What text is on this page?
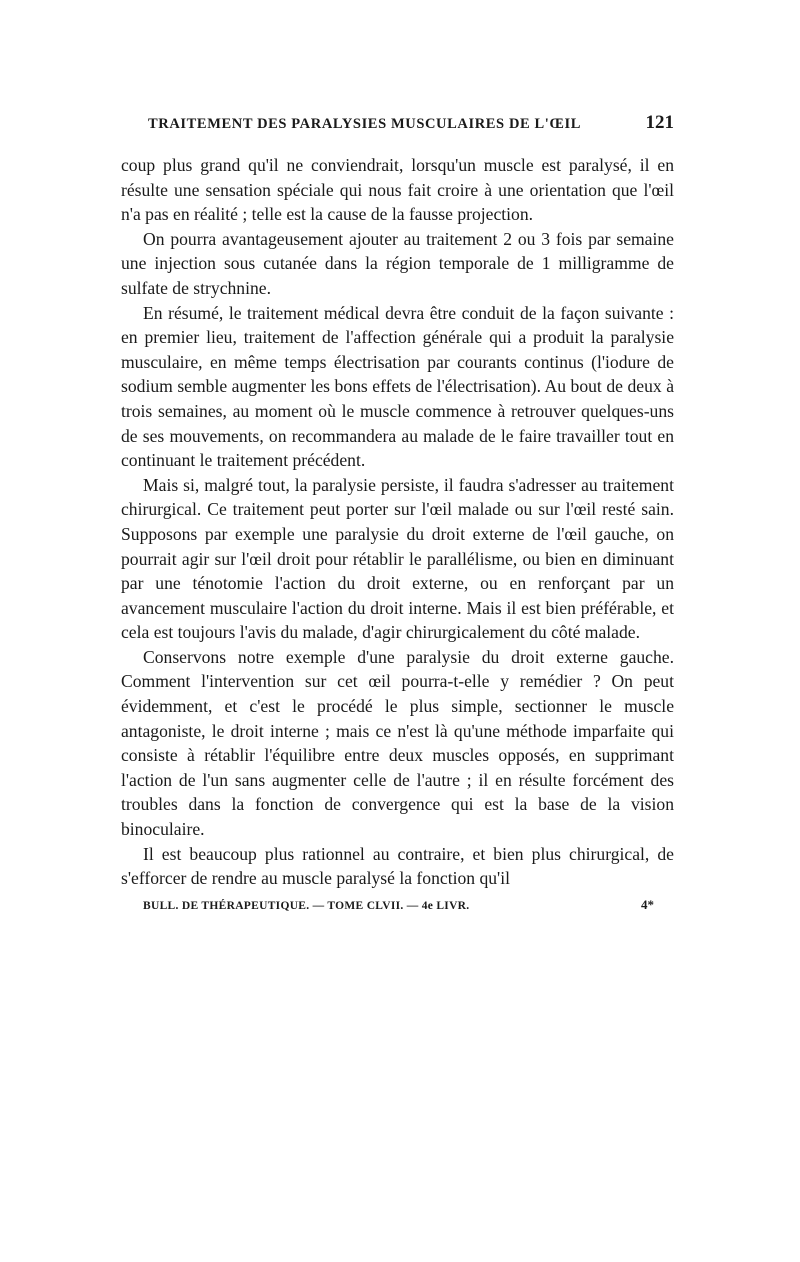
TRAITEMENT DES PARALYSIES MUSCULAIRES DE L'ŒIL	121

coup plus grand qu'il ne conviendrait, lorsqu'un muscle est paralysé, il en résulte une sensation spéciale qui nous fait croire à une orientation que l'œil n'a pas en réalité ; telle est la cause de la fausse projection.

On pourra avantageusement ajouter au traitement 2 ou 3 fois par semaine une injection sous cutanée dans la région temporale de 1 milligramme de sulfate de strychnine.

En résumé, le traitement médical devra être conduit de la façon suivante : en premier lieu, traitement de l'affection générale qui a produit la paralysie musculaire, en même temps électrisation par courants continus (l'iodure de sodium semble augmenter les bons effets de l'électrisation). Au bout de deux à trois semaines, au moment où le muscle commence à retrouver quelques-uns de ses mouvements, on recommandera au malade de le faire travailler tout en continuant le traitement précédent.

Mais si, malgré tout, la paralysie persiste, il faudra s'adresser au traitement chirurgical. Ce traitement peut porter sur l'œil malade ou sur l'œil resté sain. Supposons par exemple une paralysie du droit externe de l'œil gauche, on pourrait agir sur l'œil droit pour rétablir le parallélisme, ou bien en diminuant par une ténotomie l'action du droit externe, ou en renforçant par un avancement musculaire l'action du droit interne. Mais il est bien préférable, et cela est toujours l'avis du malade, d'agir chirurgicalement du côté malade.

Conservons notre exemple d'une paralysie du droit externe gauche. Comment l'intervention sur cet œil pourra-t-elle y remédier ? On peut évidemment, et c'est le procédé le plus simple, sectionner le muscle antagoniste, le droit interne ; mais ce n'est là qu'une méthode imparfaite qui consiste à rétablir l'équilibre entre deux muscles opposés, en supprimant l'action de l'un sans augmenter celle de l'autre ; il en résulte forcément des troubles dans la fonction de convergence qui est la base de la vision binoculaire.

Il est beaucoup plus rationnel au contraire, et bien plus chirurgical, de s'efforcer de rendre au muscle paralysé la fonction qu'il

BULL. DE THÉRAPEUTIQUE. — TOME CLVII. — 4e LIVR.	4*
